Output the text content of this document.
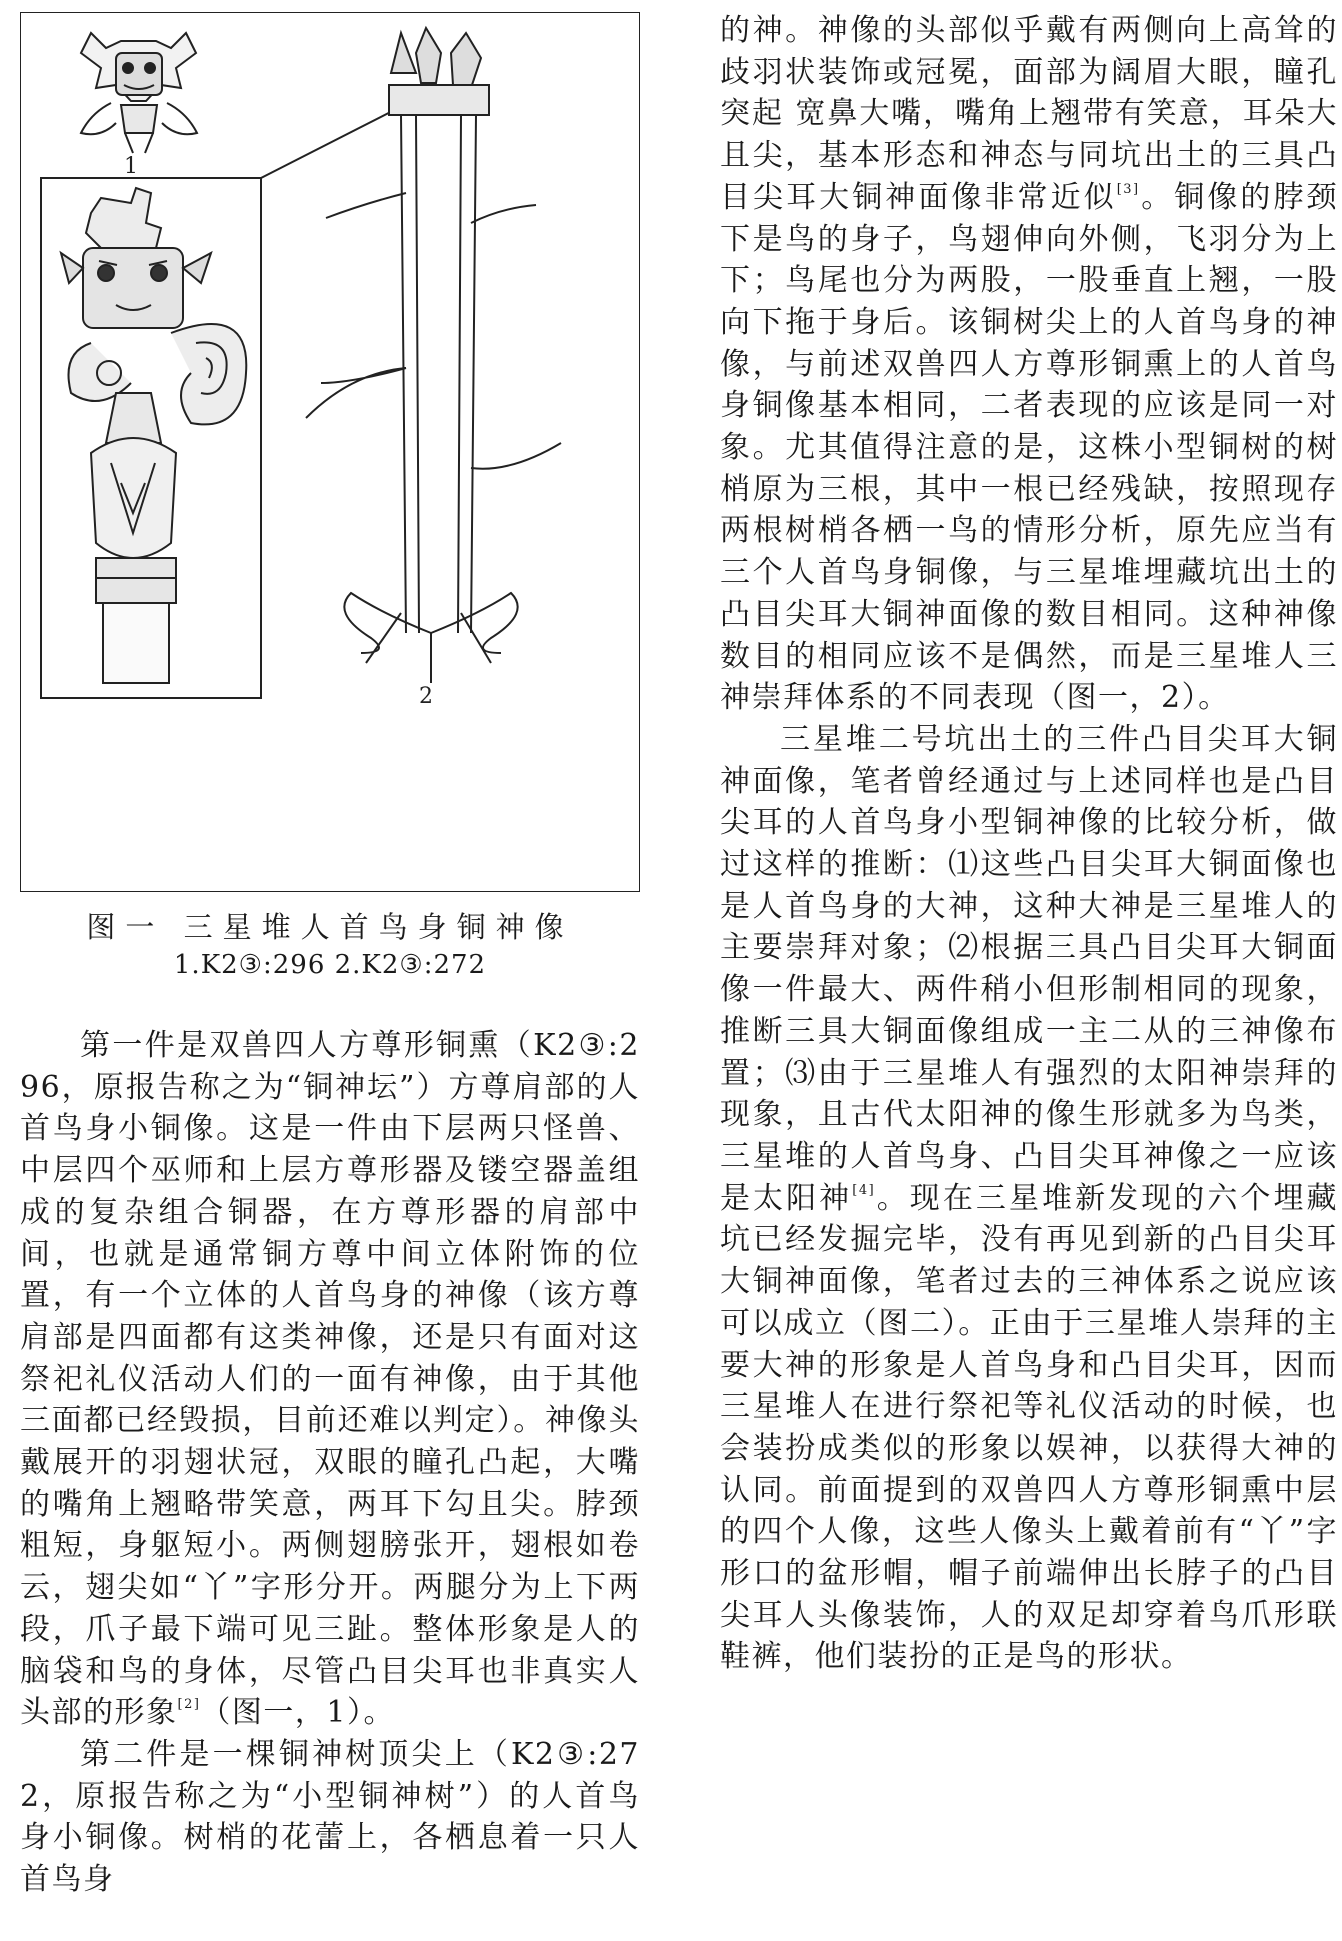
1
2

图一 三星堆人首鸟身铜神像

1.K2③:296 2.K2③:272

第一件是双兽四人方尊形铜熏（K2③:296，原报告称之为“铜神坛”）方尊肩部的人首鸟身小铜像。这是一件由下层两只怪兽、中层四个巫师和上层方尊形器及镂空器盖组成的复杂组合铜器，在方尊形器的肩部中间，也就是通常铜方尊中间立体附饰的位置，有一个立体的人首鸟身的神像（该方尊肩部是四面都有这类神像，还是只有面对这祭祀礼仪活动人们的一面有神像，由于其他三面都已经毁损，目前还难以判定）。神像头戴展开的羽翅状冠，双眼的瞳孔凸起，大嘴的嘴角上翘略带笑意，两耳下勾且尖。脖颈粗短，身躯短小。两侧翅膀张开，翅根如卷云，翅尖如“丫”字形分开。两腿分为上下两段，爪子最下端可见三趾。整体形象是人的脑袋和鸟的身体，尽管凸目尖耳也非真实人头部的形象[2]（图一，1）。

第二件是一棵铜神树顶尖上（K2③:272，原报告称之为“小型铜神树”）的人首鸟身小铜像。树梢的花蕾上，各栖息着一只人首鸟身

的神。神像的头部似乎戴有两侧向上高耸的歧羽状装饰或冠冕，面部为阔眉大眼，瞳孔突起 宽鼻大嘴，嘴角上翘带有笑意，耳朵大且尖，基本形态和神态与同坑出土的三具凸目尖耳大铜神面像非常近似[3]。铜像的脖颈下是鸟的身子，鸟翅伸向外侧，飞羽分为上下；鸟尾也分为两股，一股垂直上翘，一股向下拖于身后。该铜树尖上的人首鸟身的神像，与前述双兽四人方尊形铜熏上的人首鸟身铜像基本相同，二者表现的应该是同一对象。尤其值得注意的是，这株小型铜树的树梢原为三根，其中一根已经残缺，按照现存两根树梢各栖一鸟的情形分析，原先应当有三个人首鸟身铜像，与三星堆埋藏坑出土的凸目尖耳大铜神面像的数目相同。这种神像数目的相同应该不是偶然，而是三星堆人三神崇拜体系的不同表现（图一，2）。

三星堆二号坑出土的三件凸目尖耳大铜神面像，笔者曾经通过与上述同样也是凸目尖耳的人首鸟身小型铜神像的比较分析，做过这样的推断：⑴这些凸目尖耳大铜面像也是人首鸟身的大神，这种大神是三星堆人的主要崇拜对象；⑵根据三具凸目尖耳大铜面像一件最大、两件稍小但形制相同的现象，推断三具大铜面像组成一主二从的三神像布置；⑶由于三星堆人有强烈的太阳神崇拜的现象，且古代太阳神的像生形就多为鸟类，三星堆的人首鸟身、凸目尖耳神像之一应该是太阳神[4]。现在三星堆新发现的六个埋藏坑已经发掘完毕，没有再见到新的凸目尖耳大铜神面像，笔者过去的三神体系之说应该可以成立（图二）。正由于三星堆人崇拜的主要大神的形象是人首鸟身和凸目尖耳，因而三星堆人在进行祭祀等礼仪活动的时候，也会装扮成类似的形象以娱神，以获得大神的认同。前面提到的双兽四人方尊形铜熏中层的四个人像，这些人像头上戴着前有“丫”字形口的盆形帽，帽子前端伸出长脖子的凸目尖耳人头像装饰，人的双足却穿着鸟爪形联鞋裤，他们装扮的正是鸟的形状。
